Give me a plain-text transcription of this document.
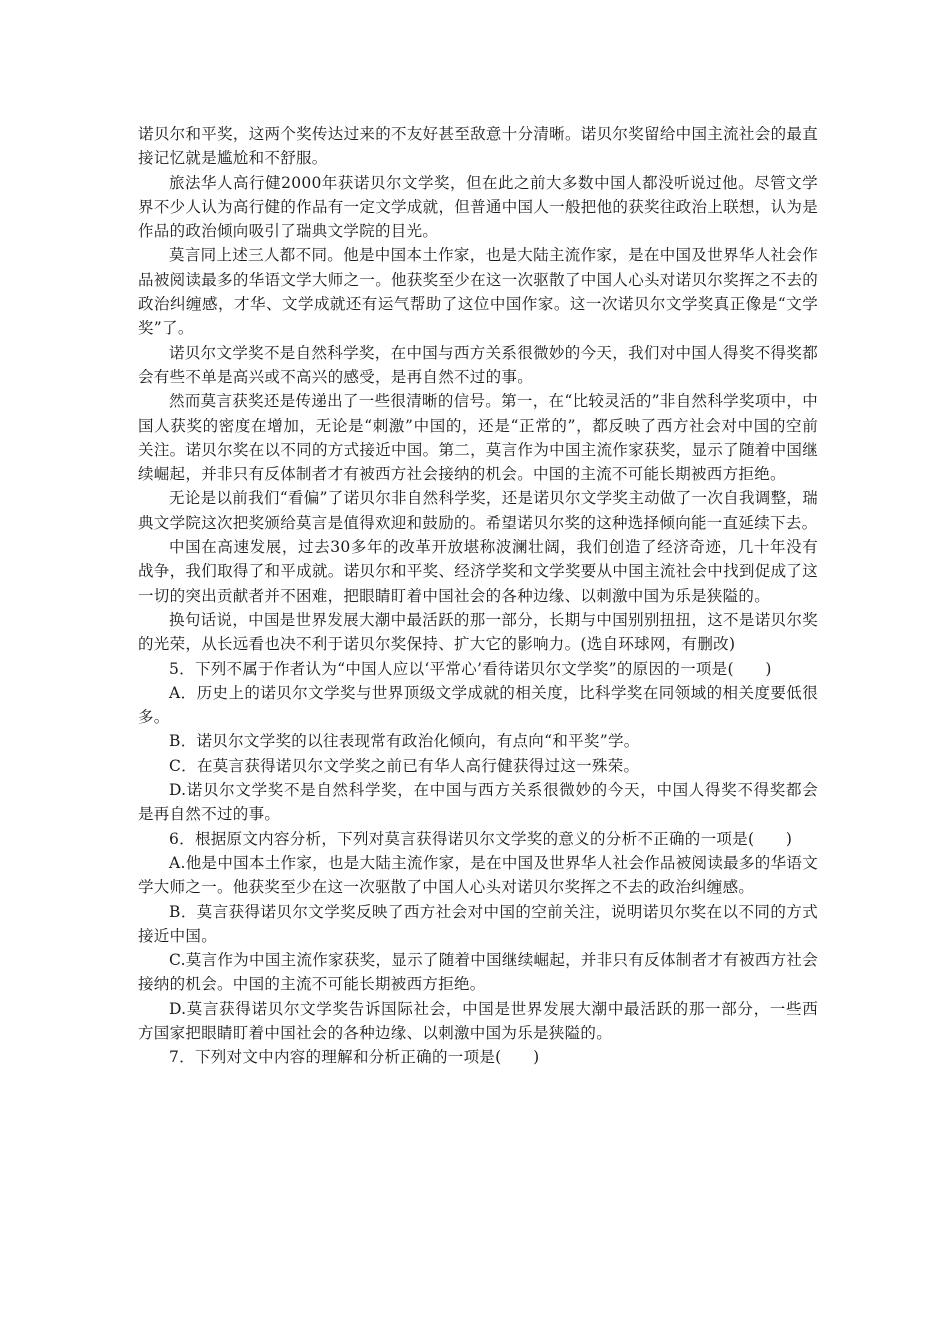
诺贝尔和平奖，这两个奖传达过来的不友好甚至敌意十分清晰。诺贝尔奖留给中国主流社会的最直接记忆就是尴尬和不舒服。

旅法华人高行健2000年获诺贝尔文学奖，但在此之前大多数中国人都没听说过他。尽管文学界不少人认为高行健的作品有一定文学成就，但普通中国人一般把他的获奖往政治上联想，认为是作品的政治倾向吸引了瑞典文学院的目光。

莫言同上述三人都不同。他是中国本土作家，也是大陆主流作家，是在中国及世界华人社会作品被阅读最多的华语文学大师之一。他获奖至少在这一次驱散了中国人心头对诺贝尔奖挥之不去的政治纠缠感，才华、文学成就还有运气帮助了这位中国作家。这一次诺贝尔文学奖真正像是“文学奖”了。

诺贝尔文学奖不是自然科学奖，在中国与西方关系很微妙的今天，我们对中国人得奖不得奖都会有些不单是高兴或不高兴的感受，是再自然不过的事。

然而莫言获奖还是传递出了一些很清晰的信号。第一，在“比较灵活的”非自然科学奖项中，中国人获奖的密度在增加，无论是“刺激”中国的，还是“正常的”，都反映了西方社会对中国的空前关注。诺贝尔奖在以不同的方式接近中国。第二，莫言作为中国主流作家获奖，显示了随着中国继续崛起，并非只有反体制者才有被西方社会接纳的机会。中国的主流不可能长期被西方拒绝。

无论是以前我们“看偏”了诺贝尔非自然科学奖，还是诺贝尔文学奖主动做了一次自我调整，瑞典文学院这次把奖颁给莫言是值得欢迎和鼓励的。希望诺贝尔奖的这种选择倾向能一直延续下去。

中国在高速发展，过去30多年的改革开放堪称波澜壮阔，我们创造了经济奇迹，几十年没有战争，我们取得了和平成就。诺贝尔和平奖、经济学奖和文学奖要从中国主流社会中找到促成了这一切的突出贡献者并不困难，把眼睛盯着中国社会的各种边缘、以刺激中国为乐是狭隘的。

换句话说，中国是世界发展大潮中最活跃的那一部分，长期与中国别别扭扭，这不是诺贝尔奖的光荣，从长远看也决不利于诺贝尔奖保持、扩大它的影响力。(选自环球网，有删改)

5．下列不属于作者认为“中国人应以‘平常心’看待诺贝尔文学奖”的原因的一项是(　　)

A．历史上的诺贝尔文学奖与世界顶级文学成就的相关度，比科学奖在同领域的相关度要低很多。

B．诺贝尔文学奖的以往表现常有政治化倾向，有点向“和平奖”学。

C．在莫言获得诺贝尔文学奖之前已有华人高行健获得过这一殊荣。

D.诺贝尔文学奖不是自然科学奖，在中国与西方关系很微妙的今天，中国人得奖不得奖都会是再自然不过的事。

6．根据原文内容分析，下列对莫言获得诺贝尔文学奖的意义的分析不正确的一项是(　　)

A.他是中国本土作家，也是大陆主流作家，是在中国及世界华人社会作品被阅读最多的华语文学大师之一。他获奖至少在这一次驱散了中国人心头对诺贝尔奖挥之不去的政治纠缠感。

B．莫言获得诺贝尔文学奖反映了西方社会对中国的空前关注，说明诺贝尔奖在以不同的方式接近中国。

C.莫言作为中国主流作家获奖，显示了随着中国继续崛起，并非只有反体制者才有被西方社会接纳的机会。中国的主流不可能长期被西方拒绝。

D.莫言获得诺贝尔文学奖告诉国际社会，中国是世界发展大潮中最活跃的那一部分，一些西方国家把眼睛盯着中国社会的各种边缘、以刺激中国为乐是狭隘的。

7．下列对文中内容的理解和分析正确的一项是(　　)
